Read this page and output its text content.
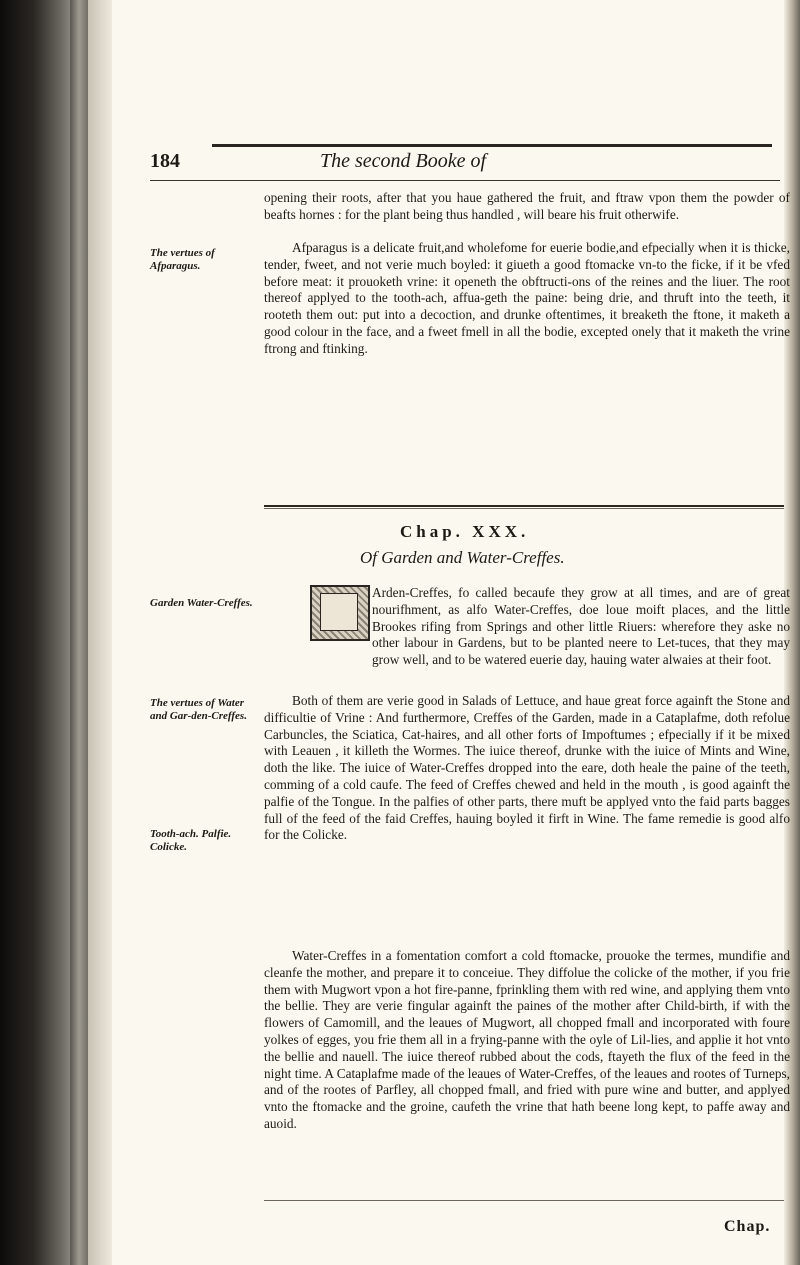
184	The second Booke of
opening their roots, after that you haue gathered the fruit, and ftraw vpon them the powder of beafts hornes : for the plant being thus handled , will beare his fruit otherwife.
The vertues of Afparagus.
Afparagus is a delicate fruit,and wholefome for euerie bodie,and efpecially when it is thicke, tender, fweet, and not verie much boyled: it giueth a good ftomacke vn-to the ficke, if it be vfed before meat: it prouoketh vrine: it openeth the obftructi-ons of the reines and the liuer. The root thereof applyed to the tooth-ach, affua-geth the paine: being drie, and thruft into the teeth, it rooteth them out: put into a decoction, and drunke oftentimes, it breaketh the ftone, it maketh a good colour in the face, and a fweet fmell in all the bodie, excepted onely that it maketh the vrine ftrong and ftinking.
Chap. XXX.
Of Garden and Water-Creffes.
Garden Water-Creffes.
Arden-Creffes, fo called becaufe they grow at all times, and are of great nourifhment, as alfo Water-Creffes, doe loue moift places, and the little Brookes rifing from Springs and other little Riuers: wherefore they aske no other labour in Gardens, but to be planted neere to Let-tuces, that they may grow well, and to be watered euerie day, hauing water alwaies at their foot.
The vertues of Water and Gar-den-Creffes.
Both of them are verie good in Salads of Lettuce, and haue great force againft the Stone and difficultie of Vrine : And furthermore, Creffes of the Garden, made in a Cataplafme, doth refolue Carbuncles, the Sciatica, Cat-haires, and all other forts of Impoftumes ; efpecially if it be mixed with Leauen , it killeth the Wormes. The iuice thereof, drunke with the iuice of Mints and Wine, doth the like. The iuice of Water-Creffes dropped into the eare, doth heale the paine of the teeth, comming of a cold caufe. The feed of Creffes chewed and held in the mouth , is good againft the palfie of the Tongue. In the palfies of other parts, there muft be applyed vnto the faid parts bagges full of the feed of the faid Creffes, hauing boyled it firft in Wine. The fame remedie is good alfo for the Colicke.
Tooth-ach. Palfie. Colicke.
Water-Creffes in a fomentation comfort a cold ftomacke, prouoke the termes, mundifie and cleanfe the mother, and prepare it to conceiue. They diffolue the colicke of the mother, if you frie them with Mugwort vpon a hot fire-panne, fprinkling them with red wine, and applying them vnto the bellie. They are verie fingular againft the paines of the mother after Child-birth, if with the flowers of Camomill, and the leaues of Mugwort, all chopped fmall and incorporated with foure yolkes of egges, you frie them all in a frying-panne with the oyle of Lil-lies, and applie it hot vnto the bellie and nauell. The iuice thereof rubbed about the cods, ftayeth the flux of the feed in the night time. A Cataplafme made of the leaues of Water-Creffes, of the leaues and rootes of Turneps, and of the rootes of Parfley, all chopped fmall, and fried with pure wine and butter, and applyed vnto the ftomacke and the groine, caufeth the vrine that hath beene long kept, to paffe away and auoid.
Chap.
